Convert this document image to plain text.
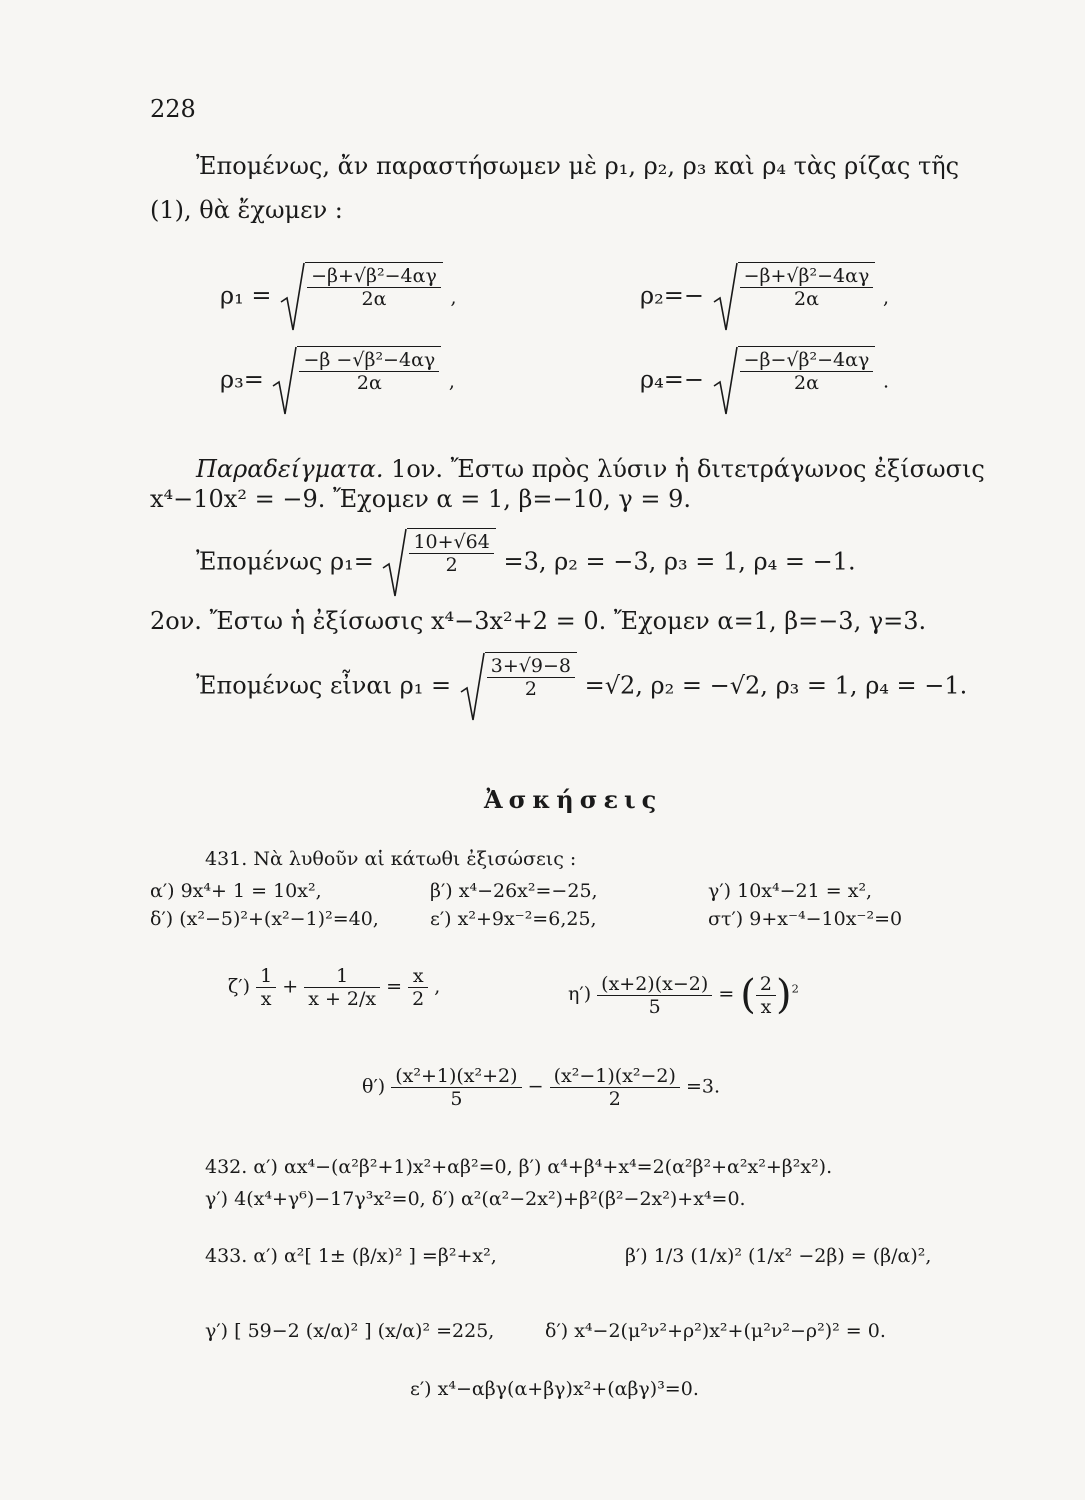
228
Ἐπομένως, ἄν παραστήσωμεν μὲ ρ₁, ρ₂, ρ₃ καὶ ρ₄ τὰς ρίζας τῆς
(1), θὰ ἔχωμεν :
$\rho_1 = \frac{\text{−β+√β²−4αγ}}{2\alpha}$ ,	$\rho_2=- \frac{\text{−β+√β²−4αγ}}{2\alpha}$ ,
$\rho_3= \frac{\text{−β −√β²−4αγ}}{2\alpha}$ ,	$\rho_4=- \frac{\text{−β−√β²−4αγ}}{2\alpha}$ .
Παραδείγματα. 1ον. Ἔστω πρὸς λύσιν ἡ διτετράγωνος ἐξίσωσις
x⁴−10x² = −9. Ἔχομεν α = 1, β=−10, γ = 9.
Ἐπομένως $\rho_1= \frac{10+√64}{2} =3$, ρ₂ = −3, ρ₃ = 1, ρ₄ = −1.
2ον. Ἔστω ἡ ἐξίσωσις x⁴−3x²+2 = 0. Ἔχομεν α=1, β=−3, γ=3.
Ἐπομένως εἶναι $\rho_1 = \frac{3+√9-8}{2} =√2$, ρ₂ = −√2, ρ₃ = 1, ρ₄ = −1.
Ἀσκήσεις
431. Νὰ λυθοῦν αἱ κάτωθι ἐξισώσεις :
α′) 9x⁴+ 1 = 10x²,	β′) x⁴−26x²=−25,	γ′) 10x⁴−21 = x²,
δ′) (x²−5)²+(x²−1)²=40,	ε′) x²+9x⁻²=6,25,	στ′) 9+x⁻⁴−10x⁻²=0
$\zeta') \frac{1}{x} + \frac{1}{x + 2/x} = \frac{x}{2}$ ,	$\eta') \frac{(x+2)(x-2)}{5}$ = ( $\frac{2}{x} )^2$
$\theta') \frac{\text{(x²+1)(x²+2)}}{5} - \frac{\text{(x²−1)(x²−2)}}{2} =3$.
432. α′) αx⁴−(α²β²+1)x²+αβ²=0, β′) α⁴+β⁴+x⁴=2(α²β²+α²x²+β²x²).
γ′) 4(x⁴+γ⁶)−17γ³x²=0, δ′) α²(α²−2x²)+β²(β²−2x²)+x⁴=0.
433. α′) α²[ 1± (β/x)² ] =β²+x²,	β′) 1/3 (1/x)² (1/x² −2β) = (β/α)²,
γ′) [ 59−2 (x/α)² ] (x/α)² =225,	δ′) x⁴−2(μ²ν²+ρ²)x²+(μ²ν²−ρ²)² = 0.
ε′) x⁴−αβγ(α+βγ)x²+(αβγ)³=0.
